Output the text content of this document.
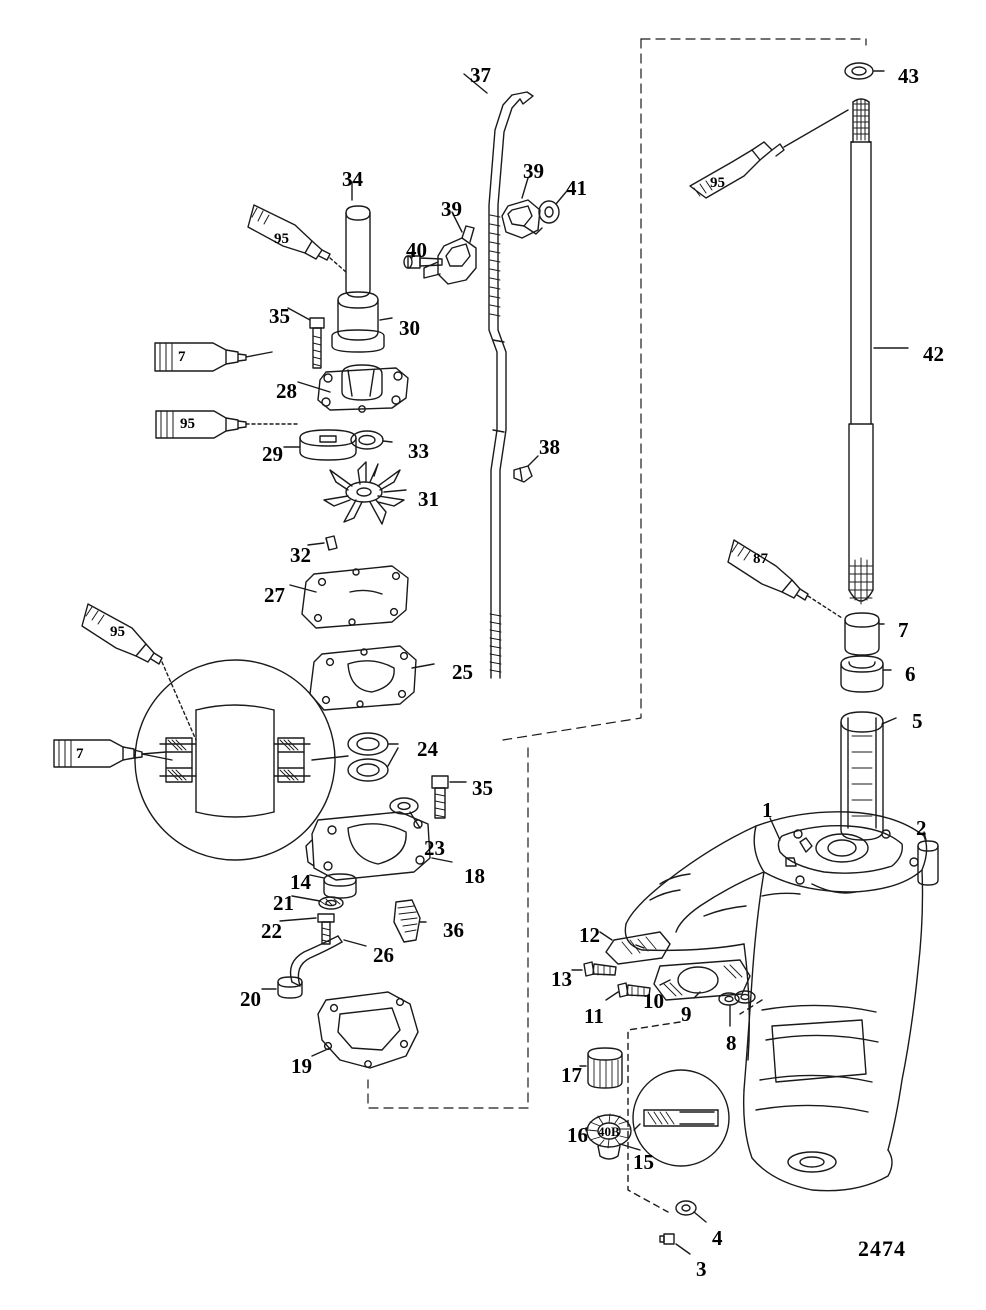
1
2
3
4
5
6
7
8
9
10
11
12
13
14
15
16
17
18
19
20
21
22
23
24
25
26
27
28
29
30
31
32
33
34
35
35
36
37
38
39
39
40
41
42
43
95
7
95
95
7
95
87
40B
2474
